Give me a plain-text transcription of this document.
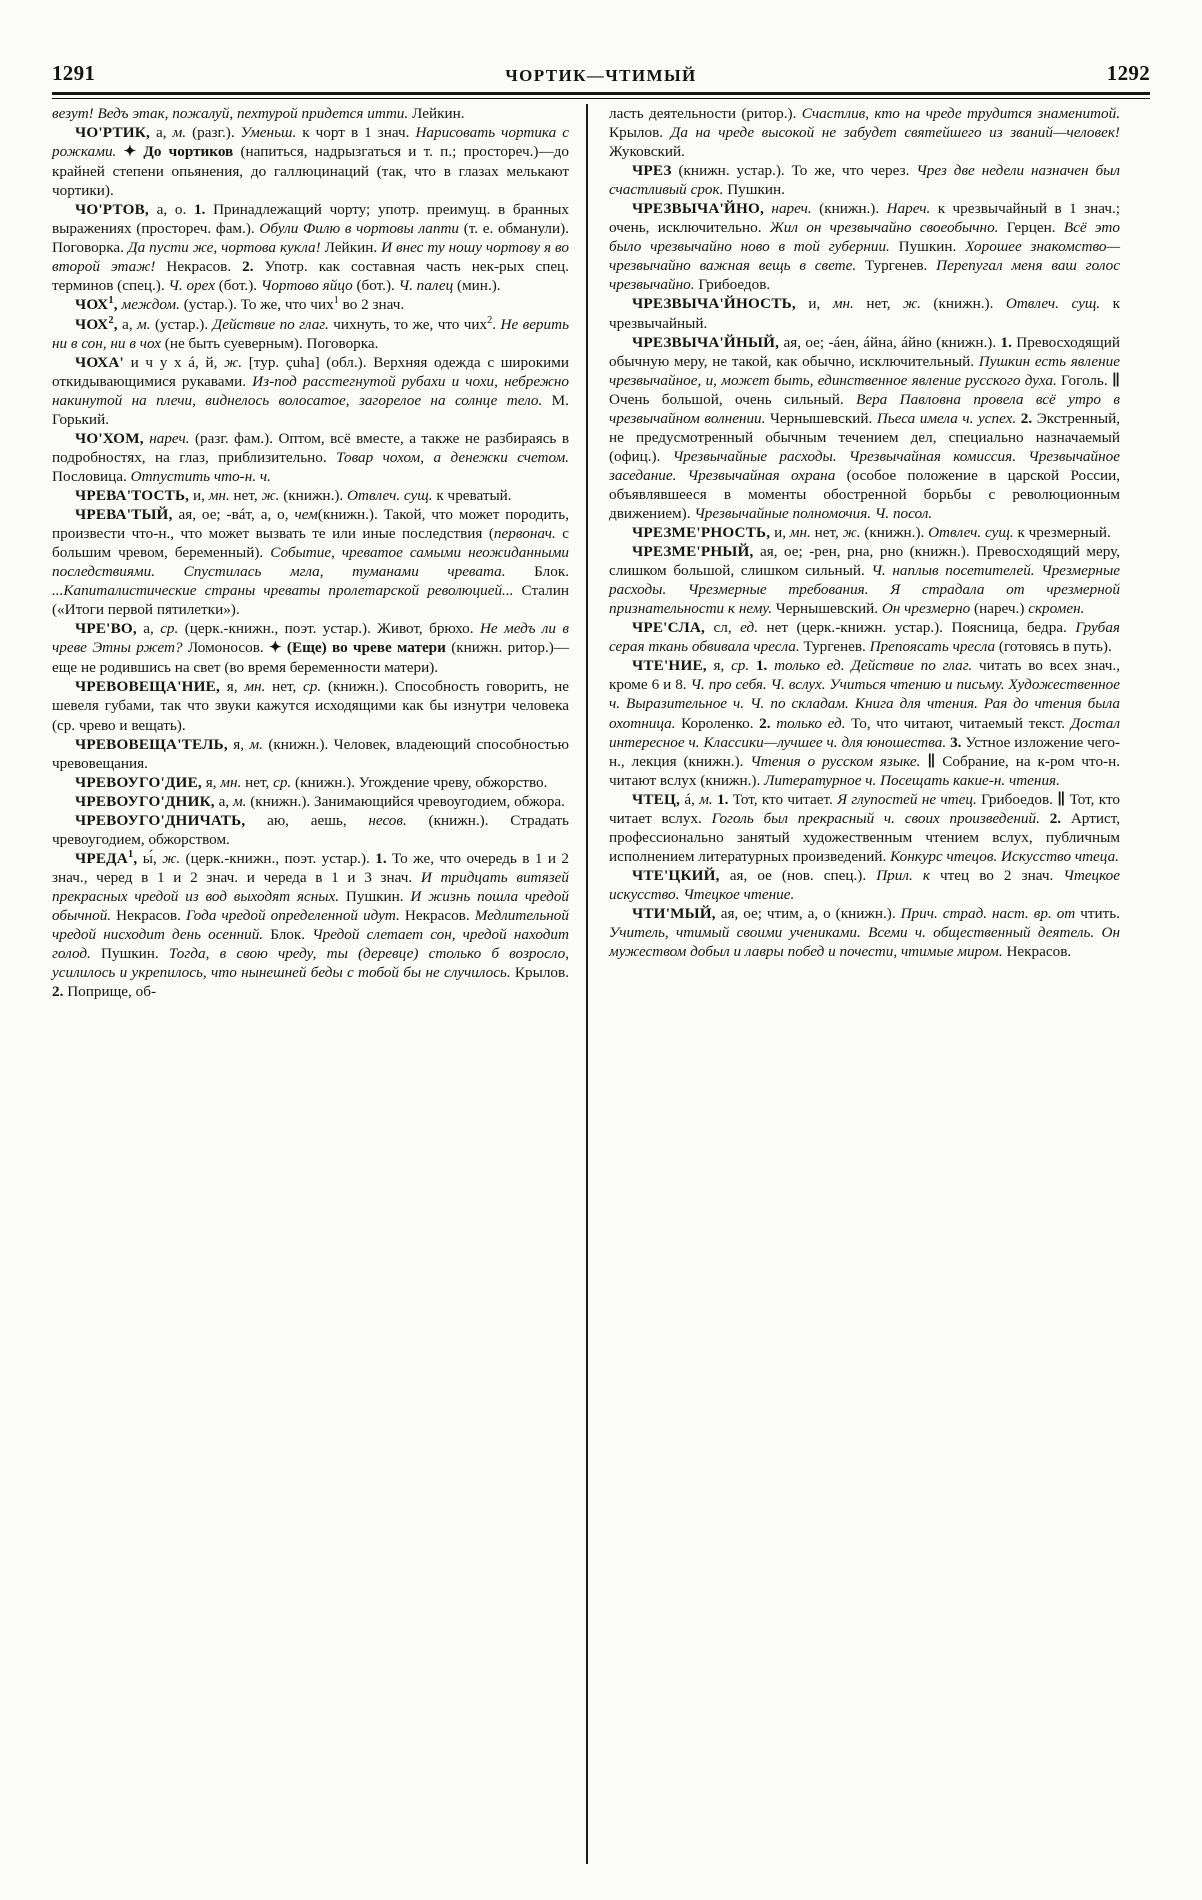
1291	ЧОРТИК—ЧТИМЫЙ	1292

везут! Ведъ этак, пожалуй, пехтурой придется итти. Лейкин.

ЧО'РТИК, а, м. (разг.). Уменьш. к чорт в 1 знач. Нарисовать чортика с рожками. ✦ До чортиков (напиться, надрызгаться и т. п.; простореч.)—до крайней степени опьянения, до галлюцинаций (так, что в глазах мелькают чортики).

ЧО'РТОВ, а, о. 1. Принадлежащий чорту; употр. преимущ. в бранных выражениях (простореч. фам.). Обули Филю в чортовы лапти (т. е. обманули). Поговорка. Да пусти же, чортова кукла! Лейкин. И внес ту ношу чортову я во второй этаж! Некрасов. 2. Употр. как составная часть нек-рых спец. терминов (спец.). Ч. орех (бот.). Чортово яйцо (бот.). Ч. палец (мин.).

ЧОХ$^1$, междом. (устар.). То же, что чих$^1$ во 2 знач.

ЧОХ$^2$, а, м. (устар.). Действие по глаг. чихнуть, то же, что чих$^2$. Не верить ни в сон, ни в чох (не быть суеверным). Поговорка.

ЧОХА' и ч у х á, й, ж. [тур. çuha] (обл.). Верхняя одежда с широкими откидывающимися рукавами. Из-под расстегнутой рубахи и чохи, небрежно накинутой на плечи, виднелось волосатое, загорелое на солнце тело. М. Горький.

ЧО'ХОМ, нареч. (разг. фам.). Оптом, всё вместе, а также не разбираясь в подробностях, на глаз, приблизительно. Товар чохом, а денежки счетом. Пословица. Отпустить что-н. ч.

ЧРЕВА'ТОСТЬ, и, мн. нет, ж. (книжн.). Отвлеч. сущ. к чреватый.

ЧРЕВА'ТЫЙ, ая, ое; -вáт, а, о, чем(книжн.). Такой, что может породить, произвести что-н., что может вызвать те или иные последствия (первонач. с большим чревом, беременный). Событие, чреватое самыми неожиданными последствиями. Спустилась мгла, туманами чревата. Блок. ...Капиталистические страны чреваты пролетарской революцией... Сталин («Итоги первой пятилетки»).

ЧРЕ'ВО, а, ср. (церк.-книжн., поэт. устар.). Живот, брюхо. Не медъ ли в чреве Этны ржет? Ломоносов. ✦ (Еще) во чреве матери (книжн. ритор.)—еще не родившись на свет (во время беременности матери).

ЧРЕВОВЕЩА'НИЕ, я, мн. нет, ср. (книжн.). Способность говорить, не шевеля губами, так что звуки кажутся исходящими как бы изнутри человека (ср. чрево и вещать).

ЧРЕВОВЕЩА'ТЕЛЬ, я, м. (книжн.). Человек, владеющий способностью чревовещания.

ЧРЕВОУГО'ДИЕ, я, мн. нет, ср. (книжн.). Угождение чреву, обжорство.

ЧРЕВОУГО'ДНИК, а, м. (книжн.). Занимающийся чревоугодием, обжора.

ЧРЕВОУГО'ДНИЧАТЬ, аю, аешь, несов. (книжн.). Страдать чревоугодием, обжорством.

ЧРЕДА$^1$, ы́, ж. (церк.-книжн., поэт. устар.). 1. То же, что очередь в 1 и 2 знач., черед в 1 и 2 знач. и череда в 1 и 3 знач. И тридцать витязей прекрасных чредой из вод выходят ясных. Пушкин. И жизнь пошла чредой обычной. Некрасов. Года чредой определенной идут. Некрасов. Медлительной чредой нисходит день осенний. Блок. Чредой слетает сон, чредой находит голод. Пушкин. Тогда, в свою чреду, ты (деревце) столько б возросло, усилилось и укрепилось, что нынешней беды с тобой бы не случилось. Крылов. 2. Поприще, об-

ласть деятельности (ритор.). Счастлив, кто на чреде трудится знаменитой. Крылов. Да на чреде высокой не забудет святейшего из званий—человек! Жуковский.

ЧРЕЗ (книжн. устар.). То же, что через. Чрез две недели назначен был счастливый срок. Пушкин.

ЧРЕЗВЫЧА'ЙНО, нареч. (книжн.). Нареч. к чрезвычайный в 1 знач.; очень, исключительно. Жил он чрезвычайно своеобычно. Герцен. Всё это было чрезвычайно ново в той губернии. Пушкин. Хорошее знакомство—чрезвычайно важная вещь в свете. Тургенев. Перепугал меня ваш голос чрезвычайно. Грибоедов.

ЧРЕЗВЫЧА'ЙНОСТЬ, и, мн. нет, ж. (книжн.). Отвлеч. сущ. к чрезвычайный.

ЧРЕЗВЫЧА'ЙНЫЙ, ая, ое; -áен, áйна, áйно (книжн.). 1. Превосходящий обычную меру, не такой, как обычно, исключительный. Пушкин есть явление чрезвычайное, и, может быть, единственное явление русского духа. Гоголь. ∥ Очень большой, очень сильный. Вера Павловна провела всё утро в чрезвычайном волнении. Чернышевский. Пьеса имела ч. успех. 2. Экстренный, не предусмотренный обычным течением дел, специально назначаемый (офиц.). Чрезвычайные расходы. Чрезвычайная комиссия. Чрезвычайное заседание. Чрезвычайная охрана (особое положение в царской России, объявлявшееся в моменты обостренной борьбы с революционным движением). Чрезвычайные полномочия. Ч. посол.

ЧРЕЗМЕ'РНОСТЬ, и, мн. нет, ж. (книжн.). Отвлеч. сущ. к чрезмерный.

ЧРЕЗМЕ'РНЫЙ, ая, ое; -рен, рна, рно (книжн.). Превосходящий меру, слишком большой, слишком сильный. Ч. наплыв посетителей. Чрезмерные расходы. Чрезмерные требования. Я страдала от чрезмерной признательности к нему. Чернышевский. Он чрезмерно (нареч.) скромен.

ЧРЕ'СЛА, сл, ед. нет (церк.-книжн. устар.). Поясница, бедра. Грубая серая ткань обвивала чресла. Тургенев. Препоясать чресла (готовясь в путь).

ЧТЕ'НИЕ, я, ср. 1. только ед. Действие по глаг. читать во всех знач., кроме 6 и 8. Ч. про себя. Ч. вслух. Учиться чтению и письму. Художественное ч. Выразительное ч. Ч. по складам. Книга для чтения. Рая до чтения была охотница. Короленко. 2. только ед. То, что читают, читаемый текст. Достал интересное ч. Классики—лучшее ч. для юношества. 3. Устное изложение чего-н., лекция (книжн.). Чтения о русском языке. ∥ Собрание, на к-ром что-н. читают вслух (книжн.). Литературное ч. Посещать какие-н. чтения.

ЧТЕЦ, á, м. 1. Тот, кто читает. Я глупостей не чтец. Грибоедов. ∥ Тот, кто читает вслух. Гоголь был прекрасный ч. своих произведений. 2. Артист, профессионально занятый художественным чтением вслух, публичным исполнением литературных произведений. Конкурс чтецов. Искусство чтеца.

ЧТЕ'ЦКИЙ, ая, ое (нов. спец.). Прил. к чтец во 2 знач. Чтецкое искусство. Чтецкое чтение.

ЧТИ'МЫЙ, ая, ое; чтим, а, о (книжн.). Прич. страд. наст. вр. от чтить. Учитель, чтимый своими учениками. Всеми ч. общественный деятель. Он мужеством добыл и лавры побед и почести, чтимые миром. Некрасов.
